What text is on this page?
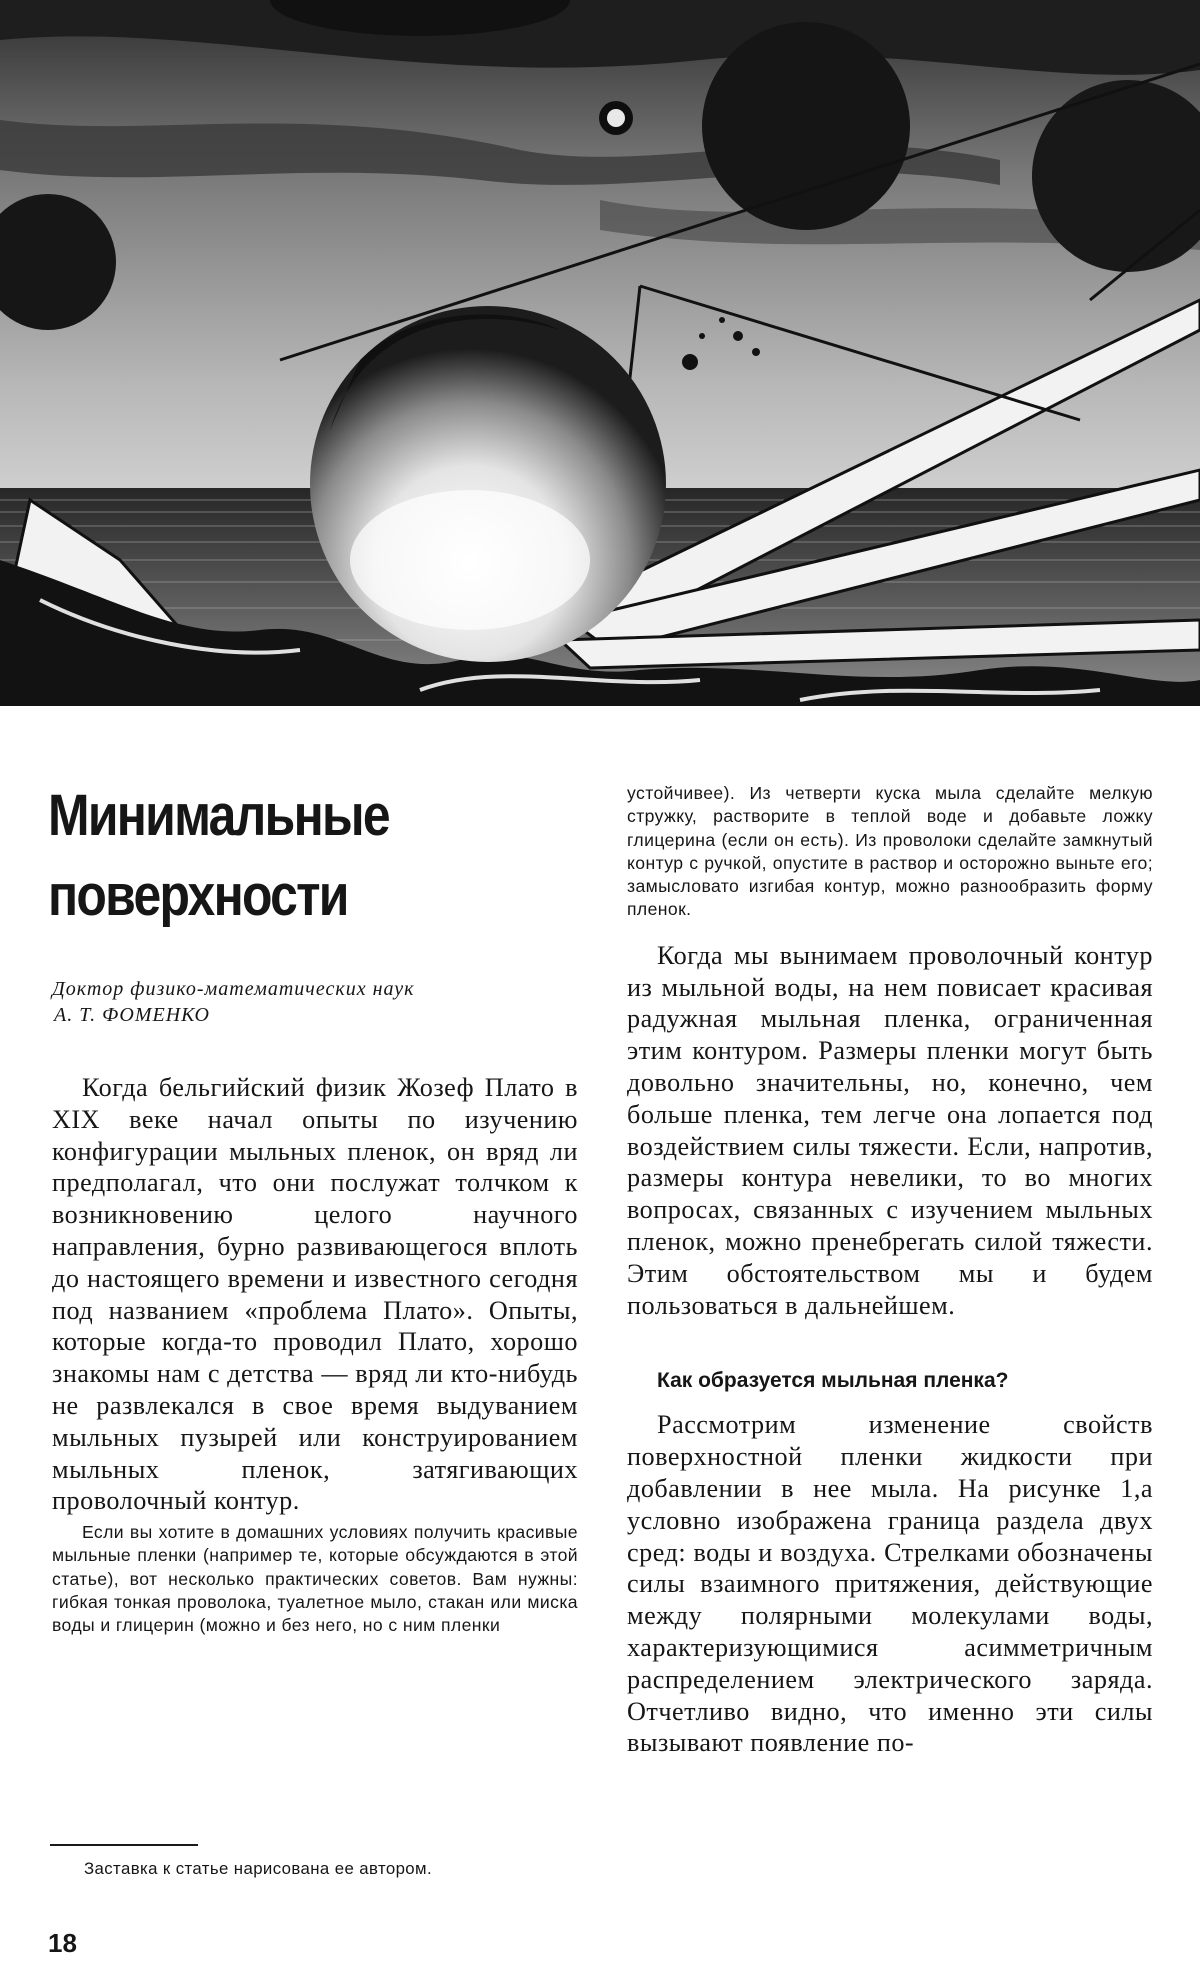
Минимальные
поверхности
Доктор физико-математических наук
А. Т. ФОМЕНКО

Когда бельгийский физик Жозеф Плато в XIX веке начал опыты по изучению конфигурации мыльных пленок, он вряд ли предполагал, что они послужат толчком к возникновению целого научного направления, бурно развивающегося вплоть до настоящего времени и известного сегодня под названием «проблема Плато». Опыты, которые когда-то проводил Плато, хорошо знакомы нам с детства — вряд ли кто-нибудь не развлекался в свое время выдуванием мыльных пузырей или конструированием мыльных пленок, затягивающих проволочный контур.

Если вы хотите в домашних условиях получить красивые мыльные пленки (например те, которые обсуждаются в этой статье), вот несколько практических советов. Вам нужны: гибкая тонкая проволока, туалетное мыло, стакан или миска воды и глицерин (можно и без него, но с ним пленки

устойчивее). Из четверти куска мыла сделайте мелкую стружку, растворите в теплой воде и добавьте ложку глицерина (если он есть). Из проволоки сделайте замкнутый контур с ручкой, опустите в раствор и осторожно выньте его; замысловато изгибая контур, можно разнообразить форму пленок.

Когда мы вынимаем проволочный контур из мыльной воды, на нем повисает красивая радужная мыльная пленка, ограниченная этим контуром. Размеры пленки могут быть довольно значительны, но, конечно, чем больше пленка, тем легче она лопается под воздействием силы тяжести. Если, напротив, размеры контура невелики, то во многих вопросах, связанных с изучением мыльных пленок, можно пренебрегать силой тяжести. Этим обстоятельством мы и будем пользоваться в дальнейшем.

Как образуется мыльная пленка?

Рассмотрим изменение свойств поверхностной пленки жидкости при добавлении в нее мыла. На рисунке 1,а условно изображена граница раздела двух сред: воды и воздуха. Стрелками обозначены силы взаимного притяжения, действующие между полярными молекулами воды, характеризующимися асимметричным распределением электрического заряда. Отчетливо видно, что именно эти силы вызывают появление по-

Заставка к статье нарисована ее автором.
18
